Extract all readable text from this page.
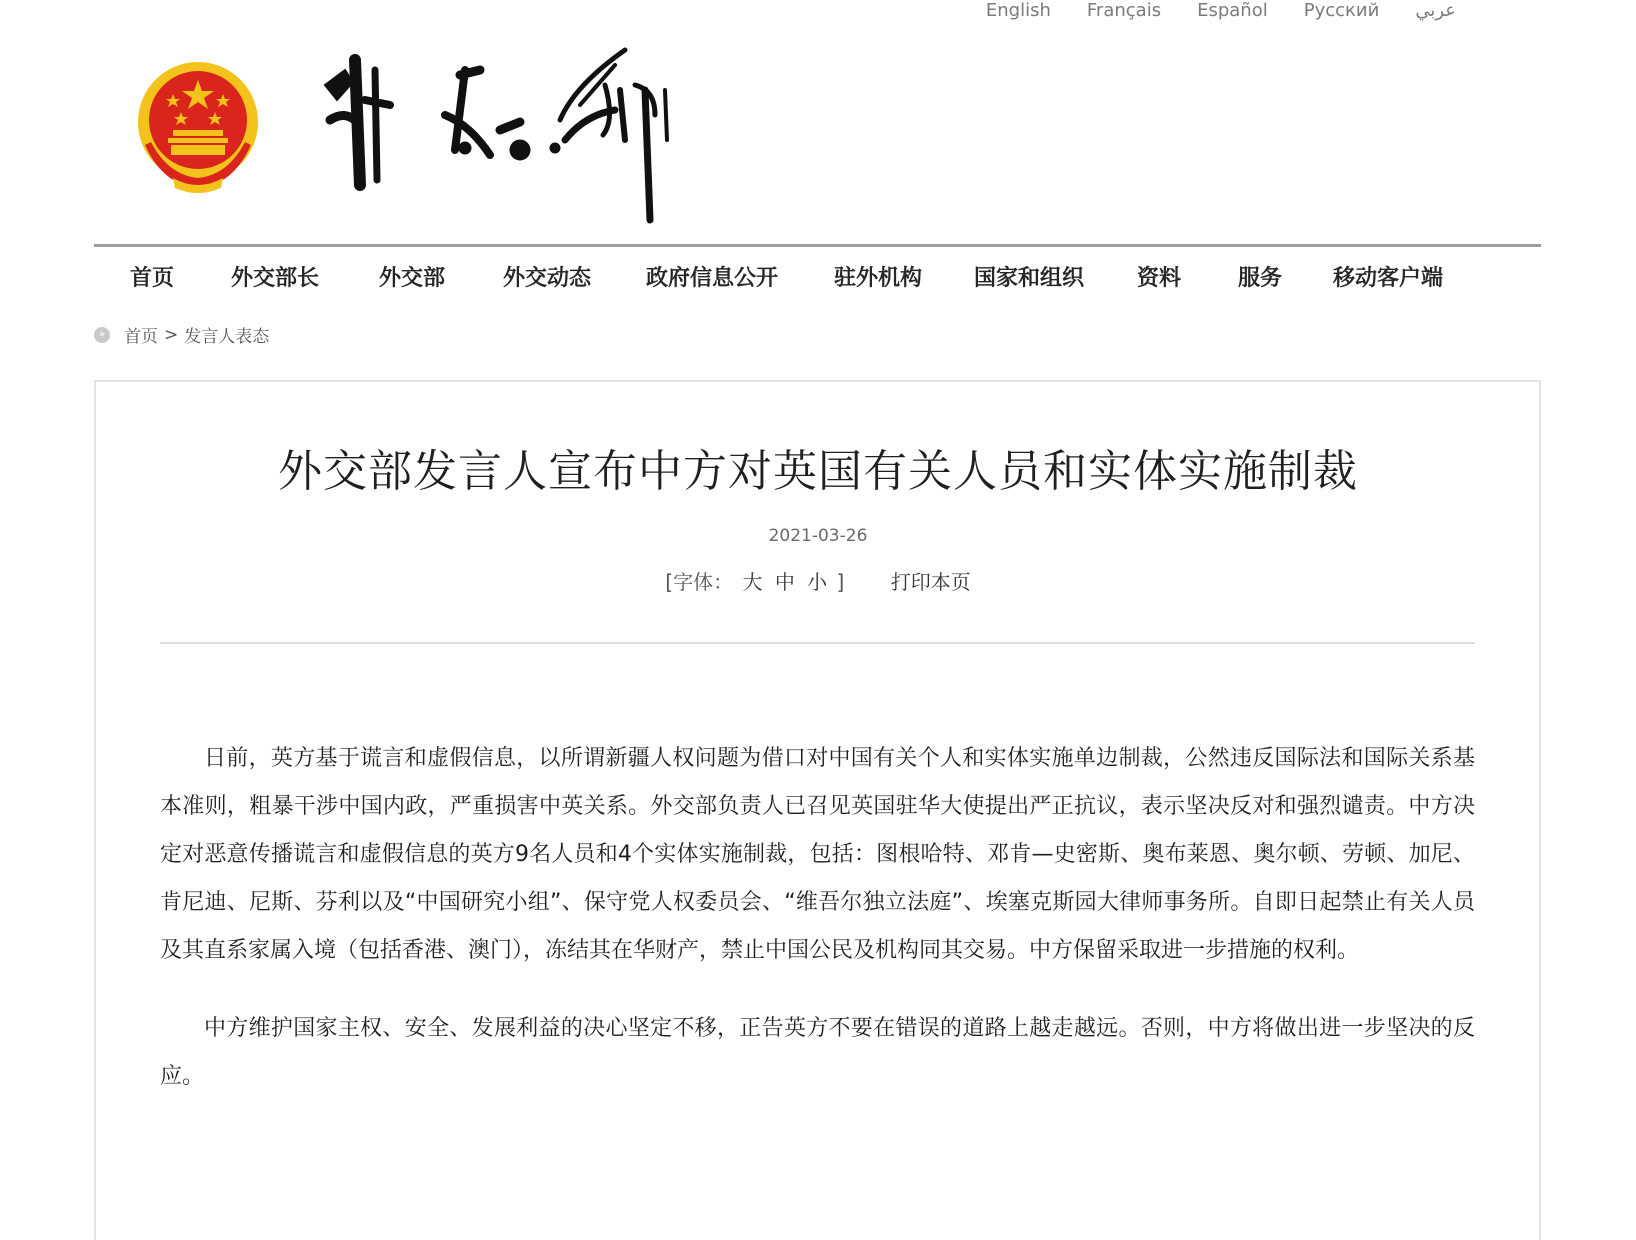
English Français Español Русский عربي
首页	外交部长	外交部	外交动态 政府信息公开	驻外机构 国家和组织 资料	服务 移动客户端
» 首页 > 发言人表态
外交部发言人宣布中方对英国有关人员和实体实施制裁
2021-03-26
[字体： 大 中 小 ] 打印本页

日前，英方基于谎言和虚假信息，以所谓新疆人权问题为借口对中国有关个人和实体实施单边制裁，公然违反国际法和国际关系基本准则，粗暴干涉中国内政，严重损害中英关系。外交部负责人已召见英国驻华大使提出严正抗议，表示坚决反对和强烈谴责。中方决定对恶意传播谎言和虚假信息的英方9名人员和4个实体实施制裁，包括：图根哈特、邓肯—史密斯、奥布莱恩、奥尔顿、劳顿、加尼、肯尼迪、尼斯、芬利以及“中国研究小组”、保守党人权委员会、“维吾尔独立法庭”、埃塞克斯园大律师事务所。自即日起禁止有关人员及其直系家属入境（包括香港、澳门），冻结其在华财产，禁止中国公民及机构同其交易。中方保留采取进一步措施的权利。

中方维护国家主权、安全、发展利益的决心坚定不移，正告英方不要在错误的道路上越走越远。否则，中方将做出进一步坚决的反应。
